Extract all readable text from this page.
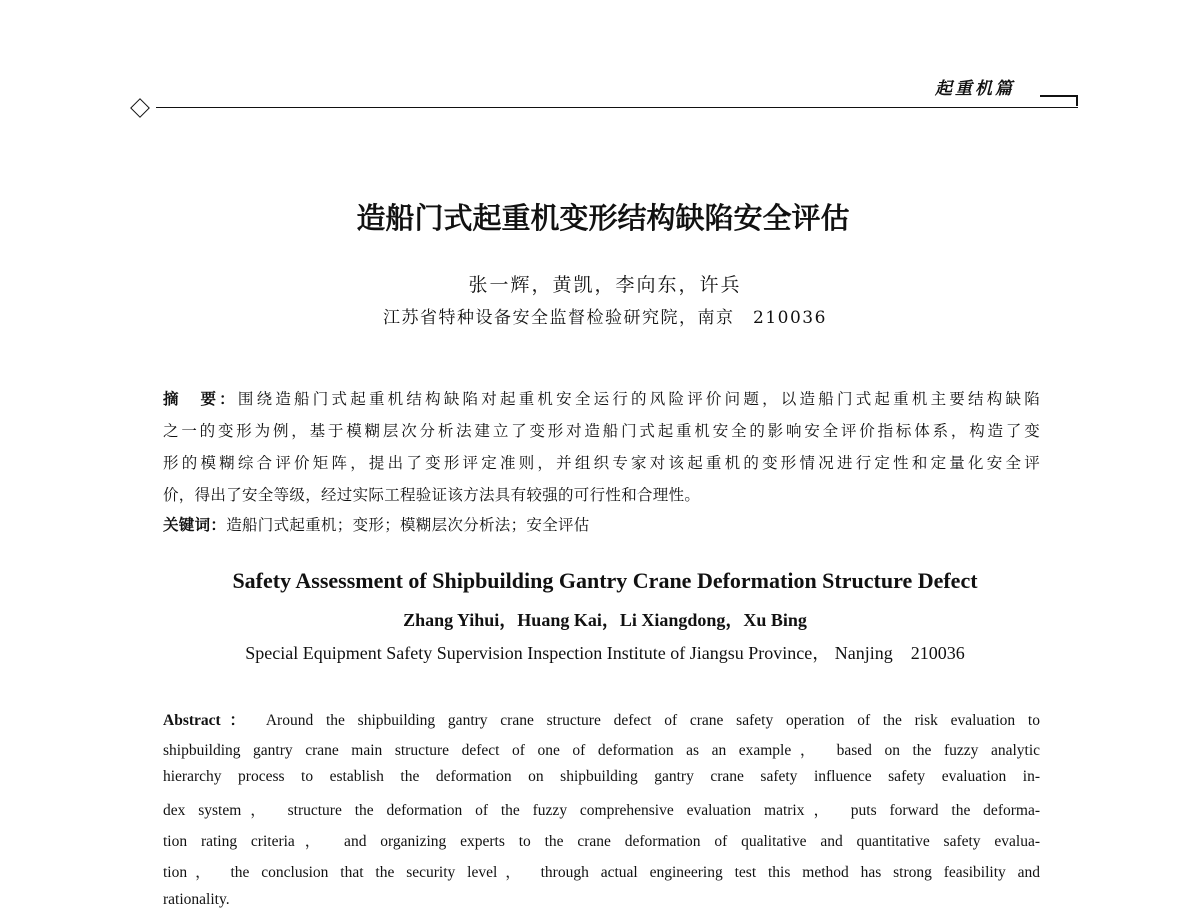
起重机篇
造船门式起重机变形结构缺陷安全评估
张一辉，黄凯，李向东，许兵
江苏省特种设备安全监督检验研究院，南京　210036
摘　要：围绕造船门式起重机结构缺陷对起重机安全运行的风险评价问题，以造船门式起重机主要结构缺陷
之一的变形为例，基于模糊层次分析法建立了变形对造船门式起重机安全的影响安全评价指标体系，构造了变
形的模糊综合评价矩阵，提出了变形评定准则，并组织专家对该起重机的变形情况进行定性和定量化安全评
价，得出了安全等级，经过实际工程验证该方法具有较强的可行性和合理性。
关键词：造船门式起重机；变形；模糊层次分析法；安全评估
Safety Assessment of Shipbuilding Gantry Crane Deformation Structure Defect
Zhang Yihui，Huang Kai，Li Xiangdong，Xu Bing
Special Equipment Safety Supervision Inspection Institute of Jiangsu Province， Nanjing　210036
Abstract： Around the shipbuilding gantry crane structure defect of crane safety operation of the risk evaluation to
shipbuilding gantry crane main structure defect of one of deformation as an example， based on the fuzzy analytic
hierarchy process to establish the deformation on shipbuilding gantry crane safety influence safety evaluation in-
dex system， structure the deformation of the fuzzy comprehensive evaluation matrix， puts forward the deforma-
tion rating criteria， and organizing experts to the crane deformation of qualitative and quantitative safety evalua-
tion， the conclusion that the security level， through actual engineering test this method has strong feasibility and
rationality.
